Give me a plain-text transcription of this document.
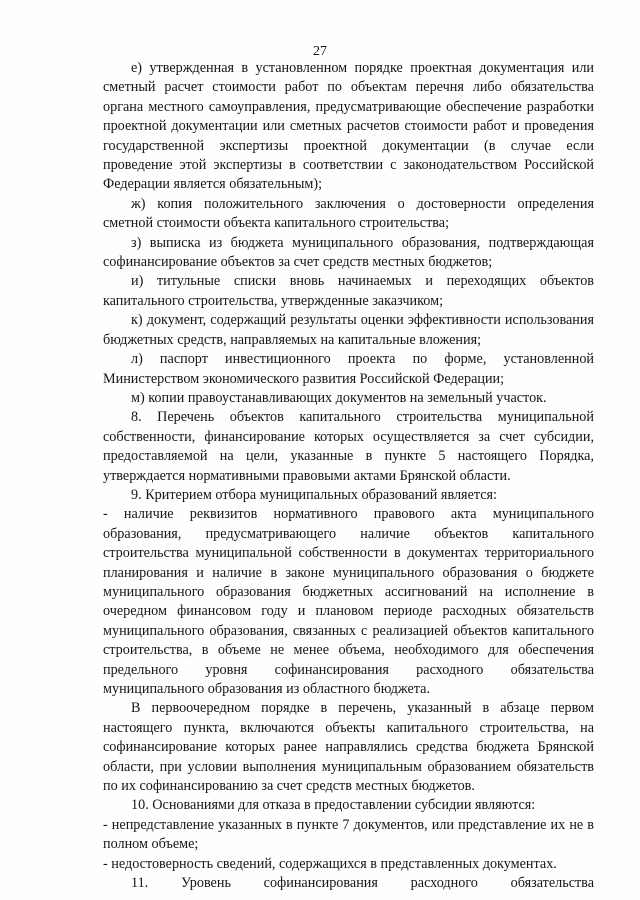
27

е) утвержденная в установленном порядке проектная документация или сметный расчет стоимости работ по объектам перечня либо обязательства органа местного самоуправления, предусматривающие обеспечение разработки проектной документации или сметных расчетов стоимости работ и проведения государственной экспертизы проектной документации (в случае если проведение этой экспертизы в соответствии с законодательством Российской Федерации является обязательным);

ж) копия положительного заключения о достоверности определения сметной стоимости объекта капитального строительства;

з) выписка из бюджета муниципального образования, подтверждающая софинансирование объектов за счет средств местных бюджетов;

и) титульные списки вновь начинаемых и переходящих объектов капитального строительства, утвержденные заказчиком;

к) документ, содержащий результаты оценки эффективности использования бюджетных средств, направляемых на капитальные вложения;

л) паспорт инвестиционного проекта по форме, установленной Министерством экономического развития Российской Федерации;

м) копии правоустанавливающих документов на земельный участок.

8. Перечень объектов капитального строительства муниципальной собственности, финансирование которых осуществляется за счет субсидии, предоставляемой на цели, указанные в пункте 5 настоящего Порядка, утверждается нормативными правовыми актами Брянской области.

9. Критерием отбора муниципальных образований является:

- наличие реквизитов нормативного правового акта муниципального образования, предусматривающего наличие объектов капитального строительства муниципальной собственности в документах территориального планирования и наличие в законе муниципального образования о бюджете муниципального образования бюджетных ассигнований на исполнение в очередном финансовом году и плановом периоде расходных обязательств муниципального образования, связанных с реализацией объектов капитального строительства, в объеме не менее объема, необходимого для обеспечения предельного уровня софинансирования расходного обязательства муниципального образования из областного бюджета.

В первоочередном порядке в перечень, указанный в абзаце первом настоящего пункта, включаются объекты капитального строительства, на софинансирование которых ранее направлялись средства бюджета Брянской области, при условии выполнения муниципальным образованием обязательств по их софинансированию за счет средств местных бюджетов.

10. Основаниями для отказа в предоставлении субсидии являются:

- непредставление указанных в пункте 7 документов, или представление их не в полном объеме;

- недостоверность сведений, содержащихся в представленных документах.

11. Уровень софинансирования расходного обязательства
